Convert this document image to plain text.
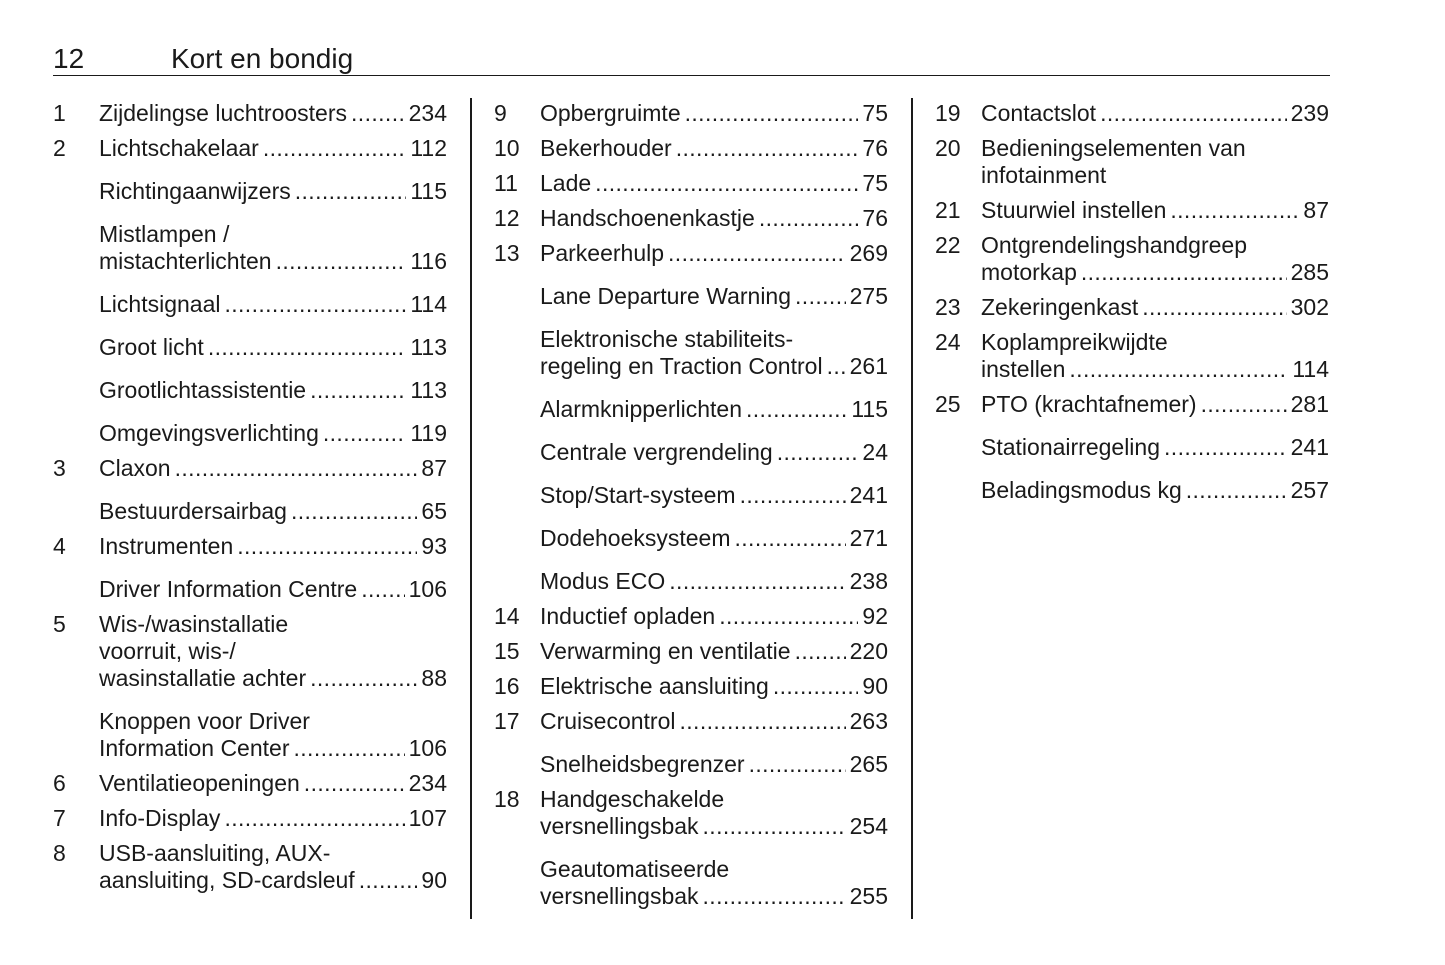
12	Kort en bondig
1 Zijdelingse luchtroosters . . .	234
2 Lichtschakelaar . . .	112
Richtingaanwijzers . . .	115
Mistlampen /
mistachterlichten . . .	116
Lichtsignaal . . .	114
Groot licht . . .	113
Grootlichtassistentie . . .	113
Omgevingsverlichting . . .	119
3 Claxon . . .	87
Bestuurdersairbag . . .	65
4 Instrumenten . . .	93
Driver Information Centre . . . 106
5 Wis-/wasinstallatie
voorruit, wis-/
wasinstallatie achter . . .	88
Knoppen voor Driver
Information Center . . .	106
6 Ventilatieopeningen . . .	234
7 Info-Display . . .	107
8 USB-aansluiting, AUX-
aansluiting, SD-cardsleuf . . .	90
9 Opbergruimte . . .	75
10 Bekerhouder . . .	76
11 Lade . . .	75
12 Handschoenenkastje . . .	76
13 Parkeerhulp . . .	269
Lane Departure Warning . . .	275
Elektronische stabiliteits-
regeling en Traction Control . . . 261
Alarmknipperlichten . . .	115
Centrale vergrendeling . . .	24
Stop/Start-systeem . . .	241
Dodehoeksysteem . . .	271
Modus ECO . . .	238
14 Inductief opladen . . .	92
15 Verwarming en ventilatie . . .	220
16 Elektrische aansluiting . . .	90
17 Cruisecontrol . . .	263
Snelheidsbegrenzer . . .	265
18 Handgeschakelde
versnellingsbak . . .	254
Geautomatiseerde
versnellingsbak . . .	255
19 Contactslot . . .	239
20 Bedieningselementen van
infotainment
21 Stuurwiel instellen . . .	87
22 Ontgrendelingshandgreep
motorkap . . .	285
23 Zekeringenkast . . .	302
24 Koplampreikwijdte
instellen . . .	114
25 PTO (krachtafnemer) . . .	281
Stationairregeling . . .	241
Beladingsmodus kg . . .	257
